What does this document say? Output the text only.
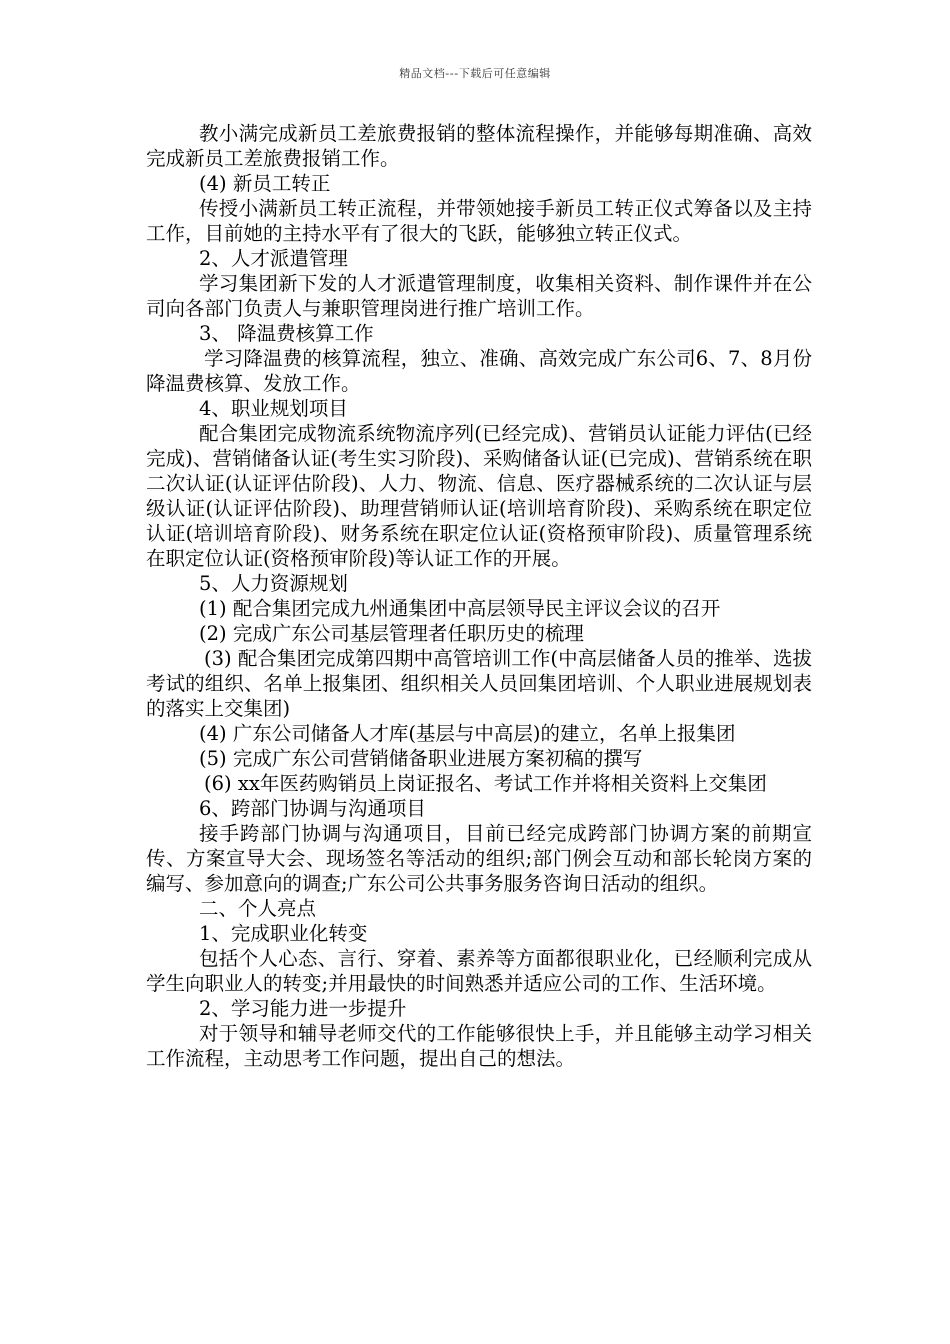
精品文档---下载后可任意编辑

教小满完成新员工差旅费报销的整体流程操作，并能够每期准确、高效完成新员工差旅费报销工作。

(4) 新员工转正

传授小满新员工转正流程，并带领她接手新员工转正仪式筹备以及主持工作，目前她的主持水平有了很大的飞跃，能够独立转正仪式。

2、人才派遣管理

学习集团新下发的人才派遣管理制度，收集相关资料、制作课件并在公司向各部门负责人与兼职管理岗进行推广培训工作。

3、 降温费核算工作

学习降温费的核算流程，独立、准确、高效完成广东公司6、7、8月份降温费核算、发放工作。

4、职业规划项目

配合集团完成物流系统物流序列(已经完成)、营销员认证能力评估(已经完成)、营销储备认证(考生实习阶段)、采购储备认证(已完成)、营销系统在职二次认证(认证评估阶段)、人力、物流、信息、医疗器械系统的二次认证与层级认证(认证评估阶段)、助理营销师认证(培训培育阶段)、采购系统在职定位认证(培训培育阶段)、财务系统在职定位认证(资格预审阶段)、质量管理系统在职定位认证(资格预审阶段)等认证工作的开展。

5、人力资源规划

(1) 配合集团完成九州通集团中高层领导民主评议会议的召开

(2) 完成广东公司基层管理者任职历史的梳理

(3) 配合集团完成第四期中高管培训工作(中高层储备人员的推举、选拔考试的组织、名单上报集团、组织相关人员回集团培训、个人职业进展规划表的落实上交集团)

(4) 广东公司储备人才库(基层与中高层)的建立，名单上报集团

(5) 完成广东公司营销储备职业进展方案初稿的撰写

(6) xx年医药购销员上岗证报名、考试工作并将相关资料上交集团

6、跨部门协调与沟通项目

接手跨部门协调与沟通项目，目前已经完成跨部门协调方案的前期宣传、方案宣导大会、现场签名等活动的组织;部门例会互动和部长轮岗方案的编写、参加意向的调查;广东公司公共事务服务咨询日活动的组织。

二、个人亮点

1、完成职业化转变

包括个人心态、言行、穿着、素养等方面都很职业化，已经顺利完成从学生向职业人的转变;并用最快的时间熟悉并适应公司的工作、生活环境。

2、学习能力进一步提升

对于领导和辅导老师交代的工作能够很快上手，并且能够主动学习相关工作流程，主动思考工作问题，提出自己的想法。
